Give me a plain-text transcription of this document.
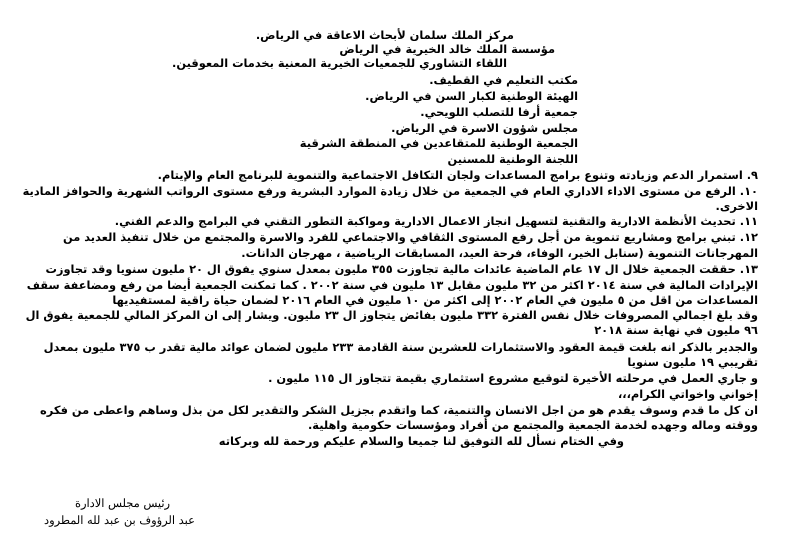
مركز الملك سلمان لأبحاث الاعاقة في الرياض.
مؤسسة الملك خالد الخيرية في الرياض
اللقاء التشاوري للجمعيات الخيرية المعنية بخدمات المعوقين.
مكتب التعليم في القطيف.
الهيئة الوطنية لكبار السن في الرياض.
جمعية أرفا للتصلب اللويحي.
مجلس شؤون الاسرة في الرياض.
الجمعية الوطنية للمتقاعدين في المنطقة الشرقية
اللجنة الوطنية للمسنين
٩. استمرار الدعم وزيادته وتنوع برامج المساعدات ولجان التكافل الاجتماعية والتنموية للبرنامج العام والإيتام.
١٠. الرفع من مستوى الاداء الاداري العام في الجمعية من خلال زيادة الموارد البشرية ورفع مستوى الرواتب الشهرية والحوافز المادية
الاخرى.
١١. تحديث الأنظمة الادارية والتقنية لتسهيل انجاز الاعمال الادارية ومواكبة التطور التقني في البرامج والدعم الفني.
١٢. تبني برامج ومشاريع تنموية من أجل رفع المستوى الثقافي والاجتماعي للفرد والاسرة والمجتمع من خلال تنفيذ العديد من
المهرجانات التنموية (سنابل الخير، الوفاء، فرحة العيد، المسابقات الرياضية ، مهرجان الدانات.
١٣. حققت الجمعية خلال ال ١٧ عام الماضية عائدات مالية تجاوزت ٣٥٥ مليون بمعدل سنوي يفوق ال ٢٠ مليون سنويا وقد تجاوزت
الإيرادات المالية في سنة ٢٠١٤ اكثر من ٣٢ مليون مقابل ١٣ مليون في سنة ٢٠٠٢ . كما تمكنت الجمعية أيضا من رفع ومضاعفة سقف
المساعدات من اقل من ٥ مليون في العام ٢٠٠٢ إلى اكثر من ١٠ مليون في العام ٢٠١٦ لضمان حياة راقية لمستفيديها
وقد بلغ اجمالي المصروفات خلال نفس الفترة ٣٣٢ مليون بفائض يتجاوز ال ٢٣ مليون. ويشار إلى ان المركز المالي للجمعية يفوق ال
٩٦ مليون في نهاية سنة ٢٠١٨
والجدير بالذكر انه بلغت قيمة العقود والاستثمارات للعشرين سنة القادمة ٢٣٣ مليون لضمان عوائد مالية تقدر ب ٣٧٥ مليون بمعدل
تقريبي ١٩ مليون سنويا
و جاري العمل في مرحلته الأخيرة لتوقيع مشروع استثماري بقيمة تتجاوز ال ١١٥ مليون .
إخواني واخواتي الكرام،،،
ان كل ما قدم وسوف يقدم هو من اجل الانسان والتنمية، كما واتقدم بجزيل الشكر والتقدير لكل من بذل وساهم واعطى من فكره
ووقته وماله وجهده لخدمة الجمعية والمجتمع من أفراد ومؤسسات حكومية واهلية.
وفي الختام نسأل لله التوفيق لنا جميعا والسلام عليكم ورحمة لله وبركاته
رئيس مجلس الادارة
عبد الرؤوف بن عبد لله المطرود
